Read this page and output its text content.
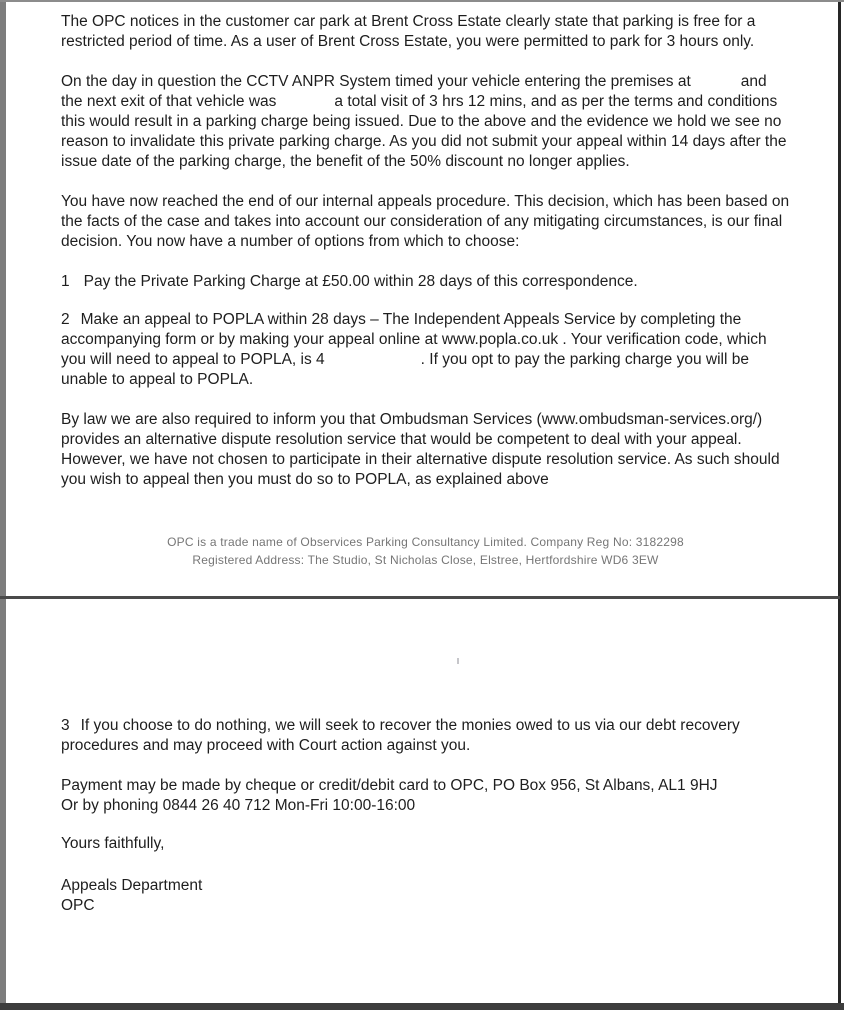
The OPC notices in the customer car park at Brent Cross Estate clearly state that parking is free for a restricted period of time. As a user of Brent Cross Estate, you were permitted to park for 3 hours only.

On the day in question the CCTV ANPR System timed your vehicle entering the premises at	and the next exit of that vehicle was	a total visit of 3 hrs 12 mins, and as per the terms and conditions this would result in a parking charge being issued. Due to the above and the evidence we hold we see no reason to invalidate this private parking charge. As you did not submit your appeal within 14 days after the issue date of the parking charge, the benefit of the 50% discount no longer applies.

You have now reached the end of our internal appeals procedure. This decision, which has been based on the facts of the case and takes into account our consideration of any mitigating circumstances, is our final decision. You now have a number of options from which to choose:

1 Pay the Private Parking Charge at £50.00 within 28 days of this correspondence.

2 Make an appeal to POPLA within 28 days – The Independent Appeals Service by completing the accompanying form or by making your appeal online at www.popla.co.uk . Your verification code, which you will need to appeal to POPLA, is 4	. If you opt to pay the parking charge you will be unable to appeal to POPLA.

By law we are also required to inform you that Ombudsman Services (www.ombudsman-services.org/) provides an alternative dispute resolution service that would be competent to deal with your appeal. However, we have not chosen to participate in their alternative dispute resolution service. As such should you wish to appeal then you must do so to POPLA, as explained above

OPC is a trade name of Observices Parking Consultancy Limited. Company Reg No: 3182298
Registered Address: The Studio, St Nicholas Close, Elstree, Hertfordshire WD6 3EW

3 If you choose to do nothing, we will seek to recover the monies owed to us via our debt recovery procedures and may proceed with Court action against you.

Payment may be made by cheque or credit/debit card to OPC, PO Box 956, St Albans, AL1 9HJ
Or by phoning 0844 26 40 712 Mon-Fri 10:00-16:00

Yours faithfully,

Appeals Department
OPC
